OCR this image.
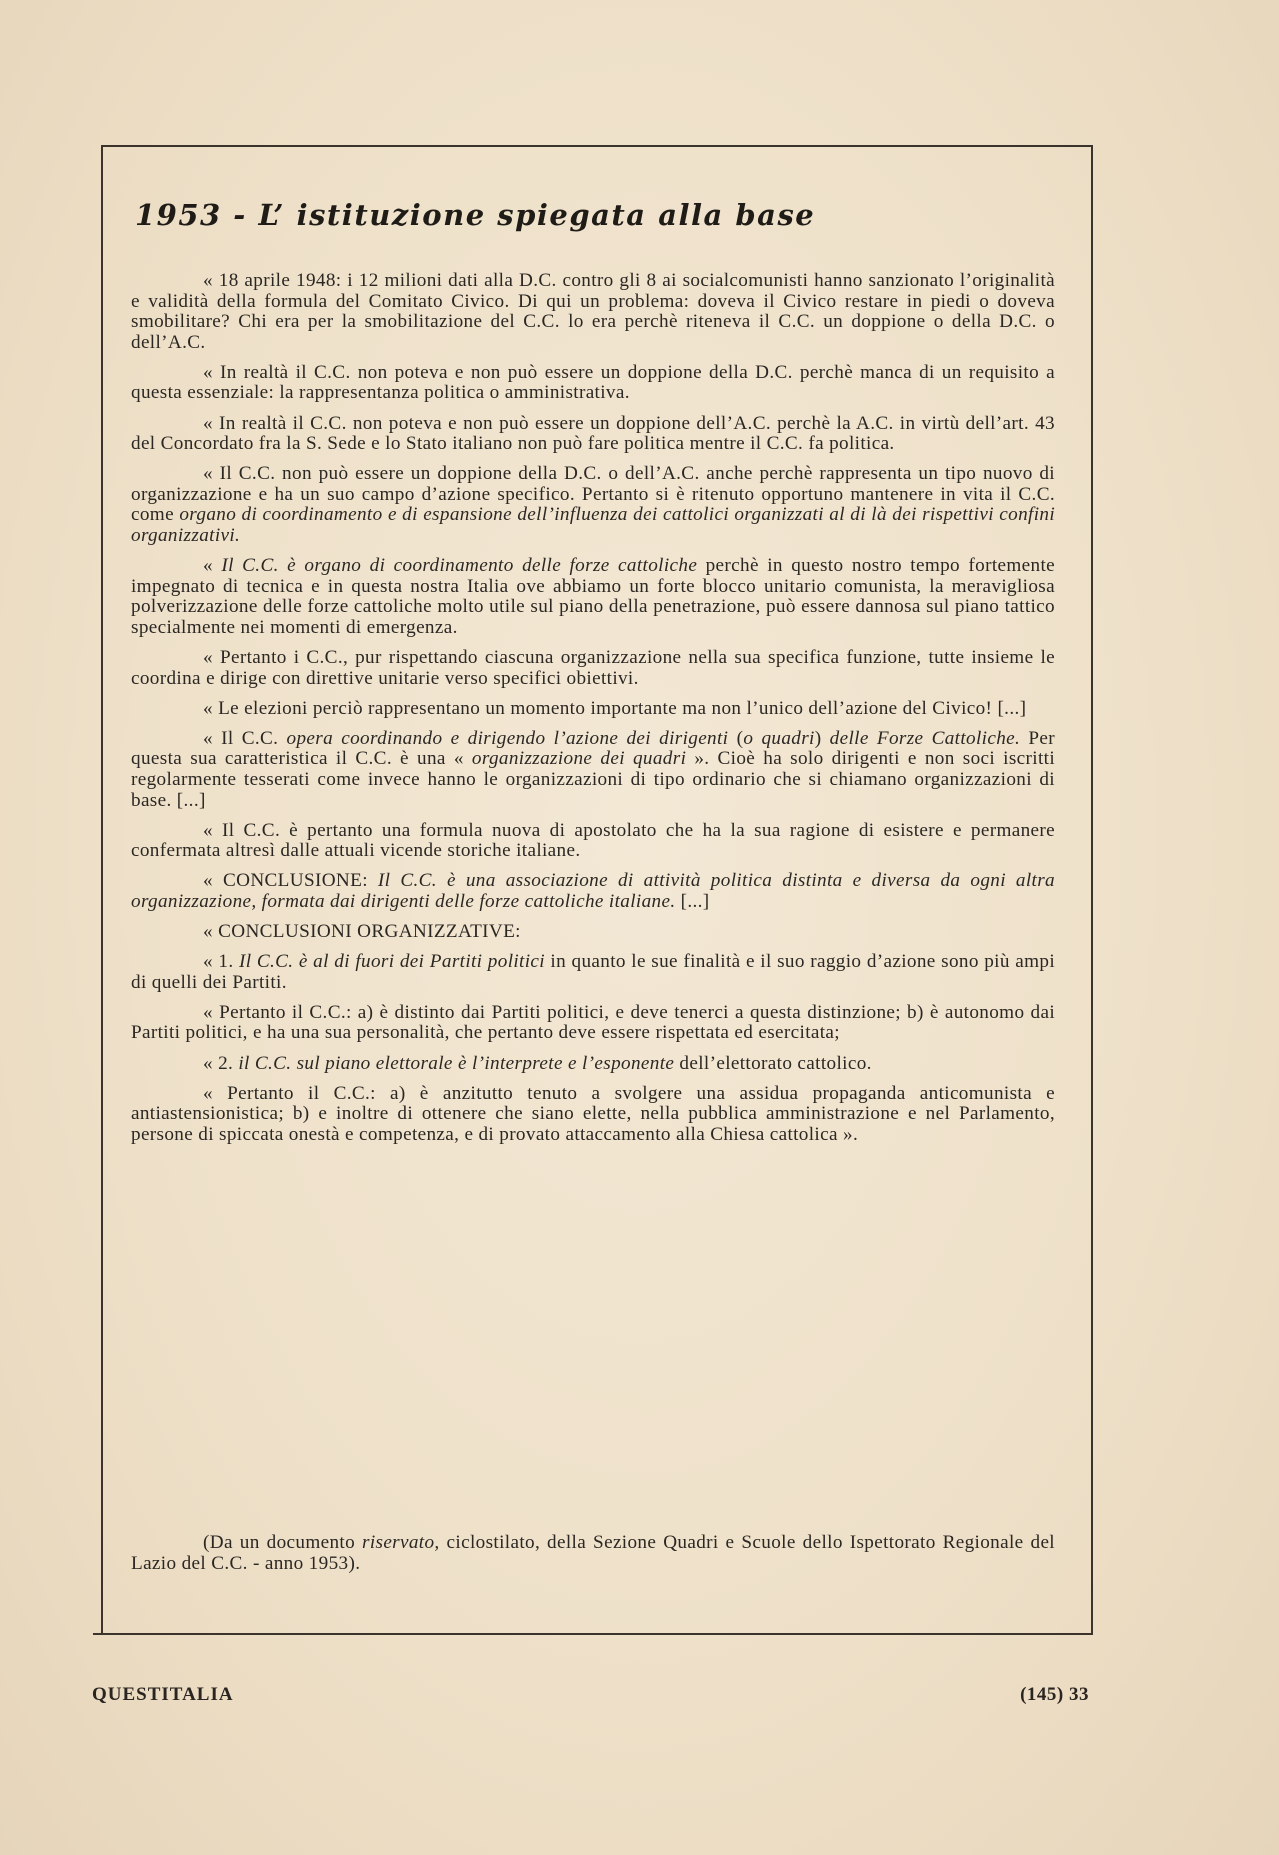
1953 - L’ istituzione spiegata alla base

« 18 aprile 1948: i 12 milioni dati alla D.C. contro gli 8 ai socialcomunisti hanno sanzionato l’originalità e validità della formula del Comitato Civico. Di qui un problema: doveva il Civico restare in piedi o doveva smobilitare? Chi era per la smobilitazione del C.C. lo era perchè riteneva il C.C. un doppione o della D.C. o dell’A.C.

« In realtà il C.C. non poteva e non può essere un doppione della D.C. perchè manca di un requisito a questa essenziale: la rappresentanza politica o amministrativa.

« In realtà il C.C. non poteva e non può essere un doppione dell’A.C. perchè la A.C. in virtù dell’art. 43 del Concordato fra la S. Sede e lo Stato italiano non può fare politica mentre il C.C. fa politica.

« Il C.C. non può essere un doppione della D.C. o dell’A.C. anche perchè rappresenta un tipo nuovo di organizzazione e ha un suo campo d’azione specifico. Pertanto si è ritenuto opportuno mantenere in vita il C.C. come organo di coordinamento e di espansione dell’influenza dei cattolici organizzati al di là dei rispettivi confini organizzativi.

« Il C.C. è organo di coordinamento delle forze cattoliche perchè in questo nostro tempo fortemente impegnato di tecnica e in questa nostra Italia ove abbiamo un forte blocco unitario comunista, la meravigliosa polverizzazione delle forze cattoliche molto utile sul piano della penetrazione, può essere dannosa sul piano tattico specialmente nei momenti di emergenza.

« Pertanto i C.C., pur rispettando ciascuna organizzazione nella sua specifica funzione, tutte insieme le coordina e dirige con direttive unitarie verso specifici obiettivi.

« Le elezioni perciò rappresentano un momento importante ma non l’unico dell’azione del Civico! [...]

« Il C.C. opera coordinando e dirigendo l’azione dei dirigenti (o quadri) delle Forze Cattoliche. Per questa sua caratteristica il C.C. è una « organizzazione dei quadri ». Cioè ha solo dirigenti e non soci iscritti regolarmente tesserati come invece hanno le organizzazioni di tipo ordinario che si chiamano organizzazioni di base. [...]

« Il C.C. è pertanto una formula nuova di apostolato che ha la sua ragione di esistere e permanere confermata altresì dalle attuali vicende storiche italiane.

« CONCLUSIONE: Il C.C. è una associazione di attività politica distinta e diversa da ogni altra organizzazione, formata dai dirigenti delle forze cattoliche italiane. [...]

« CONCLUSIONI ORGANIZZATIVE:

« 1. Il C.C. è al di fuori dei Partiti politici in quanto le sue finalità e il suo raggio d’azione sono più ampi di quelli dei Partiti.

« Pertanto il C.C.: a) è distinto dai Partiti politici, e deve tenerci a questa distinzione; b) è autonomo dai Partiti politici, e ha una sua personalità, che pertanto deve essere rispettata ed esercitata;

« 2. il C.C. sul piano elettorale è l’interprete e l’esponente dell’elettorato cattolico.

« Pertanto il C.C.: a) è anzitutto tenuto a svolgere una assidua propaganda anticomunista e antiastensionistica; b) e inoltre di ottenere che siano elette, nella pubblica amministrazione e nel Parlamento, persone di spiccata onestà e competenza, e di provato attaccamento alla Chiesa cattolica ».

(Da un documento riservato, ciclostilato, della Sezione Quadri e Scuole dello Ispettorato Regionale del Lazio del C.C. - anno 1953).

QUESTITALIA	(145) 33
